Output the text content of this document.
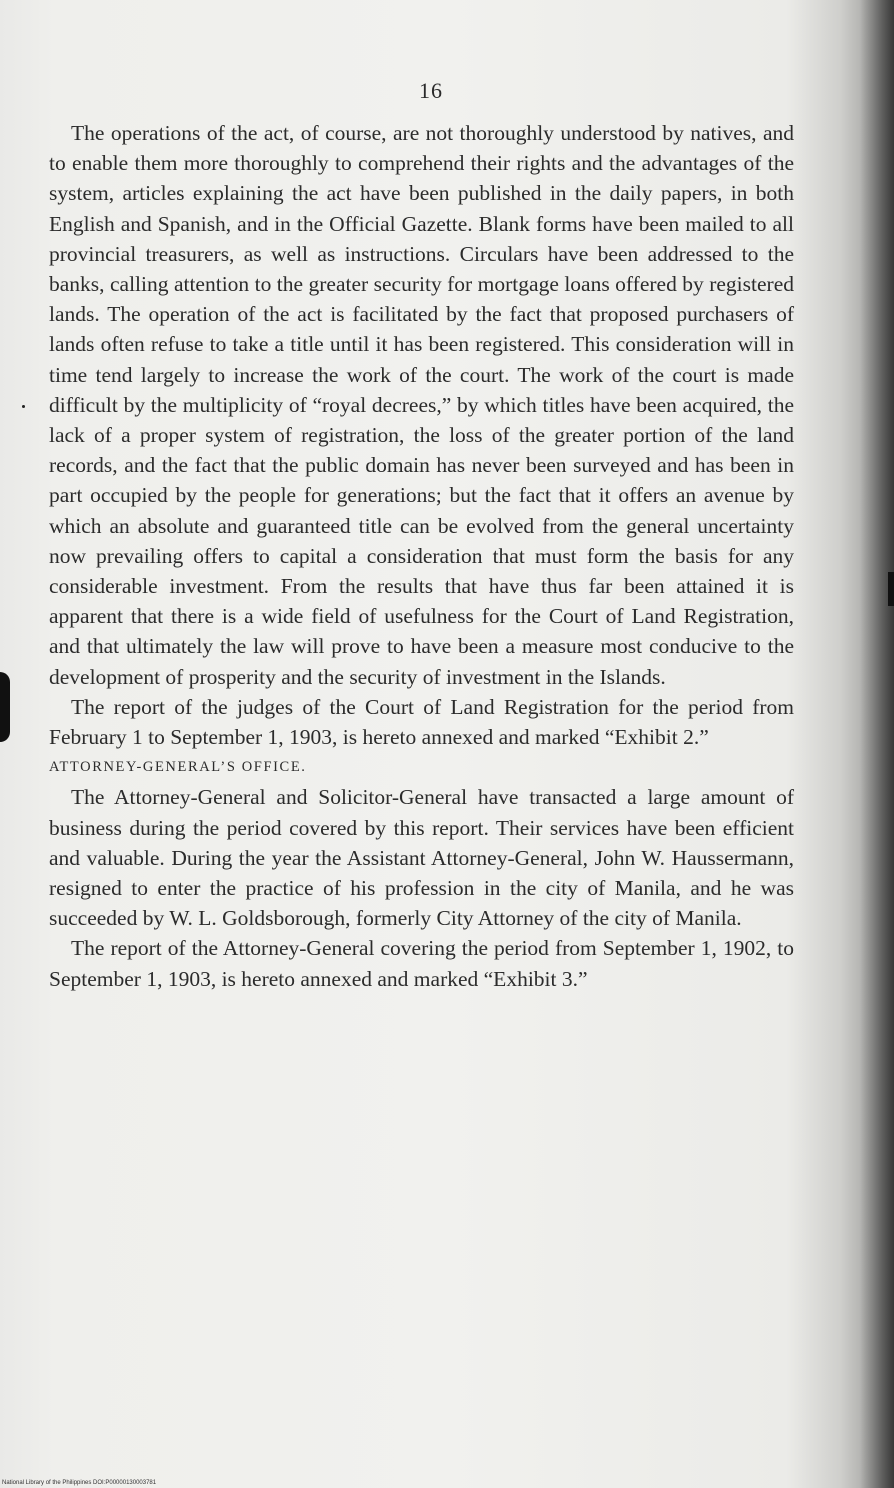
16

The operations of the act, of course, are not thoroughly understood by natives, and to enable them more thoroughly to comprehend their rights and the advantages of the system, articles explaining the act have been published in the daily papers, in both English and Spanish, and in the Official Gazette. Blank forms have been mailed to all provincial treasurers, as well as instructions. Circulars have been addressed to the banks, calling attention to the greater security for mortgage loans offered by registered lands. The operation of the act is facilitated by the fact that proposed purchasers of lands often refuse to take a title until it has been registered. This consideration will in time tend largely to increase the work of the court. The work of the court is made difficult by the multiplicity of “royal decrees,” by which titles have been acquired, the lack of a proper system of registration, the loss of the greater portion of the land records, and the fact that the public domain has never been surveyed and has been in part occupied by the people for generations; but the fact that it offers an avenue by which an absolute and guaranteed title can be evolved from the general uncertainty now prevailing offers to capital a consideration that must form the basis for any considerable investment. From the results that have thus far been attained it is apparent that there is a wide field of usefulness for the Court of Land Registration, and that ultimately the law will prove to have been a measure most conducive to the development of prosperity and the security of investment in the Islands.

The report of the judges of the Court of Land Registration for the period from February 1 to September 1, 1903, is hereto annexed and marked “Exhibit 2.”

ATTORNEY-GENERAL’S OFFICE.

The Attorney-General and Solicitor-General have transacted a large amount of business during the period covered by this report. Their services have been efficient and valuable. During the year the Assistant Attorney-General, John W. Haussermann, resigned to enter the practice of his profession in the city of Manila, and he was succeeded by W. L. Goldsborough, formerly City Attorney of the city of Manila.

The report of the Attorney-General covering the period from September 1, 1902, to September 1, 1903, is hereto annexed and marked “Exhibit 3.”

National Library of the Philippines DOI:P00000130003781
